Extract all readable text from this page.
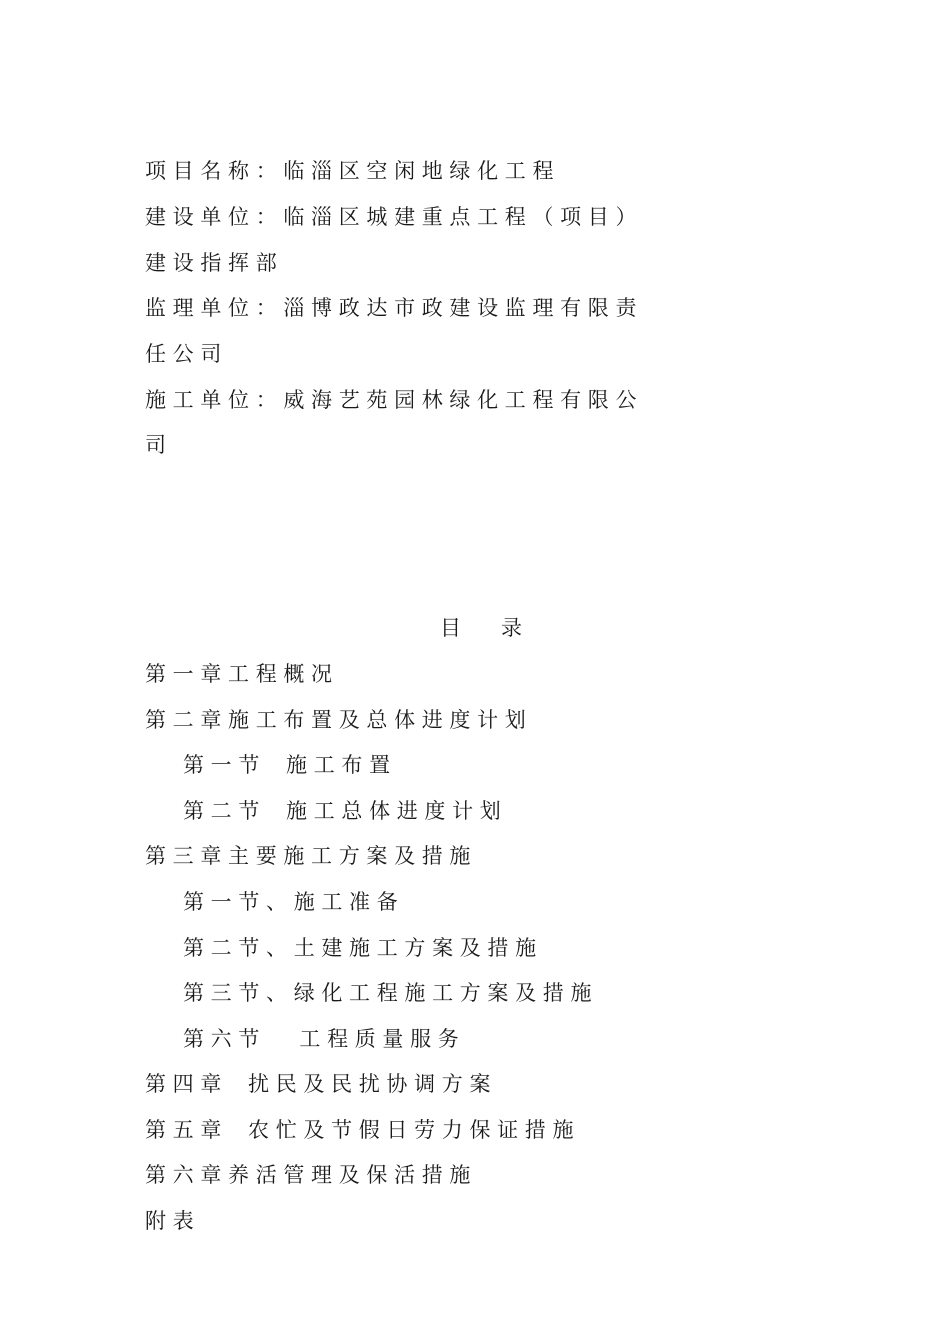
项 目 名 称 ： 临 淄 区 空 闲 地 绿 化 工 程
建 设 单 位 ： 临 淄 区 城 建 重 点 工 程 （ 项 目 ）
建 设 指 挥 部
监 理 单 位 ： 淄 博 政 达 市 政 建 设 监 理 有 限 责
任 公 司
施 工 单 位 ： 威 海 艺 苑 园 林 绿 化 工 程 有 限 公
司
目      录
第 一 章 工 程 概 况
第 二 章 施 工 布 置 及 总 体 进 度 计 划
第 一 节    施 工 布 置
第 二 节    施 工 总 体 进 度 计 划
第 三 章 主 要 施 工 方 案 及 措 施
第 一 节 、 施 工 准 备
第 二 节 、 土 建 施 工 方 案 及 措 施
第 三 节 、 绿 化 工 程 施 工 方 案 及 措 施
第 六 节      工 程 质 量 服 务
第 四 章    扰 民 及 民 扰 协 调 方 案
第 五 章    农 忙 及 节 假 日 劳 力 保 证 措 施
第 六 章 养 活 管 理 及 保 活 措 施
附 表
